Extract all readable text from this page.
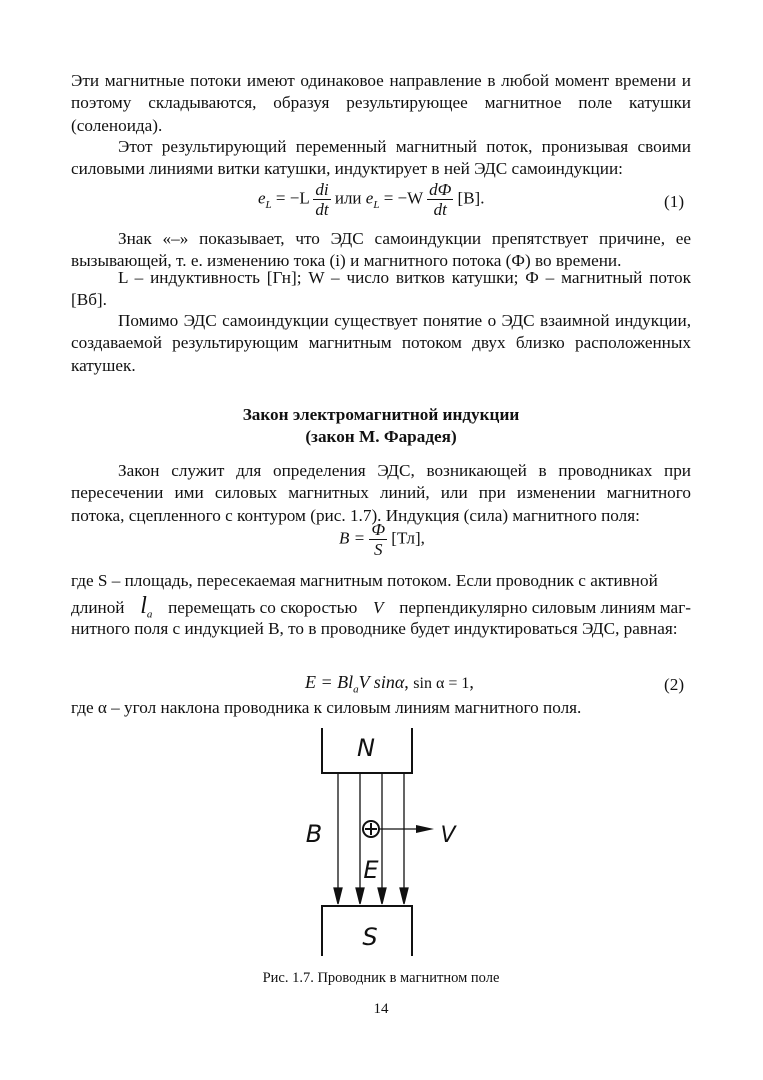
Эти магнитные потоки имеют одинаковое направление в любой момент времени и поэтому складываются, образуя результирующее магнитное поле катушки (соленоида).

Этот результирующий переменный магнитный поток, пронизывая своими силовыми линиями витки катушки, индуктирует в ней ЭДС самоиндукции:

$e_L = -L \frac{di}{dt}$ или $e_L = -W \frac{dФ}{dt} [В]$.	(1)

Знак «–» показывает, что ЭДС самоиндукции препятствует причине, ее вызывающей, т. е. изменению тока (i) и магнитного потока (Ф) во времени.

L – индуктивность [Гн]; W – число витков катушки; Ф – магнитный поток [Вб].

Помимо ЭДС самоиндукции существует понятие о ЭДС взаимной индукции, создаваемой результирующим магнитным потоком двух близко расположенных катушек.

Закон электромагнитной индукции
(закон М. Фарадея)

Закон служит для определения ЭДС, возникающей в проводниках при пересечении ими силовых магнитных линий, или при изменении магнитного потока, сцепленного с контуром (рис. 1.7). Индукция (сила) магнитного поля:

$B = \frac{Ф}{S} [Тл]$,
где S – площадь, пересекаемая магнитным потоком. Если проводник с активной
длиной $l_a$ перемещать со скоростью V перпендикулярно силовым линиям маг-

нитного поля с индукцией B, то в проводнике будет индуктироваться ЭДС, равная:

$E = Bl_aV$ sinα, sin α = 1,	(2)
где α – угол наклона проводника к силовым линиям магнитного поля.
N
S
V
B
E
Рис. 1.7. Проводник в магнитном поле
14
